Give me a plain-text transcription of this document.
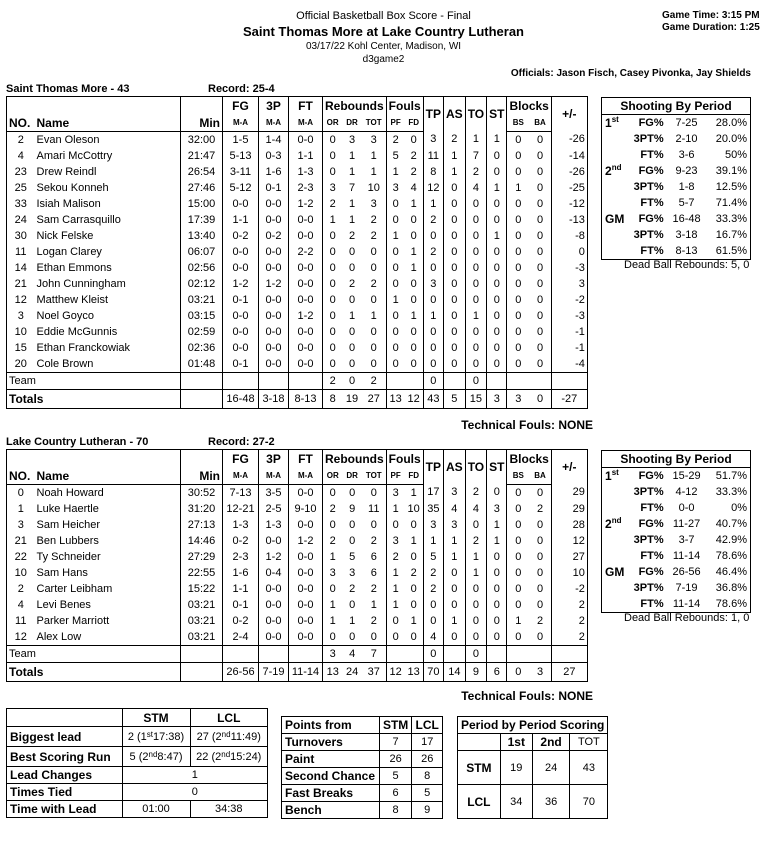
Official Basketball Box Score - Final
Saint Thomas More at Lake Country Lutheran
03/17/22 Kohl Center, Madison, WI
d3game2
Game Time: 3:15 PM
Game Duration: 1:25
Officials: Jason Fisch, Casey Pivonka, Jay Shields
Saint Thomas More - 43	Record: 25-4
			FG	3P	FT	Rebounds			Fouls		TP	AS	TO	ST	Blocks		+/-
NO.	Name	Min	M-A	M-A	M-A	OR	DR	TOT	PF	FD					BS	BA	
2	Evan Oleson	32:00	1-5	1-4	0-0	0	3	3	2	0	3	2	1	1	0	0	-26
4	Amari McCottry	21:47	5-13	0-3	1-1	0	1	1	5	2	11	1	7	0	0	0	-14
23	Drew Reindl	26:54	3-11	1-6	1-3	0	1	1	1	2	8	1	2	0	0	0	-26
25	Sekou Konneh	27:46	5-12	0-1	2-3	3	7	10	3	4	12	0	4	1	1	0	-25
33	Isiah Malison	15:00	0-0	0-0	1-2	2	1	3	0	1	1	0	0	0	0	0	-12
24	Sam Carrasquillo	17:39	1-1	0-0	0-0	1	1	2	0	0	2	0	0	0	0	0	-13
30	Nick Felske	13:40	0-2	0-2	0-0	0	2	2	1	0	0	0	0	1	0	0	-8
11	Logan Clarey	06:07	0-0	0-0	2-2	0	0	0	0	1	2	0	0	0	0	0	0
14	Ethan Emmons	02:56	0-0	0-0	0-0	0	0	0	0	1	0	0	0	0	0	0	-3
21	John Cunningham	02:12	1-2	1-2	0-0	0	2	2	0	0	3	0	0	0	0	0	3
12	Matthew Kleist	03:21	0-1	0-0	0-0	0	0	0	1	0	0	0	0	0	0	0	-2
3	Noel Goyco	03:15	0-0	0-0	1-2	0	1	1	0	1	1	0	1	0	0	0	-3
10	Eddie McGunnis	02:59	0-0	0-0	0-0	0	0	0	0	0	0	0	0	0	0	0	-1
15	Ethan Franckowiak	02:36	0-0	0-0	0-0	0	0	0	0	0	0	0	0	0	0	0	-1
20	Cole Brown	01:48	0-1	0-0	0-0	0	0	0	0	0	0	0	0	0	0	0	-4
Team						2	0	2			0		0				
Totals			16-48	3-18	8-13	8	19	27	13	12	43	5	15	3	3	0	-27
Shooting By Period			
1st	FG%	7-25	28.0%
	3PT%	2-10	20.0%
	FT%	3-6	50%
2nd	FG%	9-23	39.1%
	3PT%	1-8	12.5%
	FT%	5-7	71.4%
GM	FG%	16-48	33.3%
	3PT%	3-18	16.7%
	FT%	8-13	61.5%
Technical Fouls: NONE
Dead Ball Rebounds: 5, 0
Lake Country Lutheran - 70	Record: 27-2
			FG	3P	FT	Rebounds			Fouls		TP	AS	TO	ST	Blocks		+/-
NO.	Name	Min	M-A	M-A	M-A	OR	DR	TOT	PF	FD					BS	BA	
0	Noah Howard	30:52	7-13	3-5	0-0	0	0	0	3	1	17	3	2	0	0	0	29
1	Luke Haertle	31:20	12-21	2-5	9-10	2	9	11	1	10	35	4	4	3	0	2	29
3	Sam Heicher	27:13	1-3	1-3	0-0	0	0	0	0	0	3	3	0	1	0	0	28
21	Ben Lubbers	14:46	0-2	0-0	1-2	2	0	2	3	1	1	1	2	1	0	0	12
22	Ty Schneider	27:29	2-3	1-2	0-0	1	5	6	2	0	5	1	1	0	0	0	27
10	Sam Hans	22:55	1-6	0-4	0-0	3	3	6	1	2	2	0	1	0	0	0	10
2	Carter Leibham	15:22	1-1	0-0	0-0	0	2	2	1	0	2	0	0	0	0	0	-2
4	Levi Benes	03:21	0-1	0-0	0-0	1	0	1	1	0	0	0	0	0	0	0	2
11	Parker Marriott	03:21	0-2	0-0	0-0	1	1	2	0	1	0	1	0	0	1	2	2
12	Alex Low	03:21	2-4	0-0	0-0	0	0	0	0	0	4	0	0	0	0	0	2
Team						3	4	7			0		0				
Totals			26-56	7-19	11-14	13	24	37	12	13	70	14	9	6	0	3	27
Shooting By Period			
1st	FG%	15-29	51.7%
	3PT%	4-12	33.3%
	FT%	0-0	0%
2nd	FG%	11-27	40.7%
	3PT%	3-7	42.9%
	FT%	11-14	78.6%
GM	FG%	26-56	46.4%
	3PT%	7-19	36.8%
	FT%	11-14	78.6%
Technical Fouls: NONE
Dead Ball Rebounds: 1, 0
	STM	LCL
Biggest lead	2 (1st17:38)	27 (2nd11:49)
Best Scoring Run	5 (2nd8:47)	22 (2nd15:24)
Lead Changes	1	
Times Tied	0	
Time with Lead	01:00	34:38
Points from	STM	LCL
Turnovers	7	17
Paint	26	26
Second Chance	5	8
Fast Breaks	6	5
Bench	8	9
Period by Period Scoring			
	1st	2nd	TOT
STM	19	24	43
LCL	34	36	70
